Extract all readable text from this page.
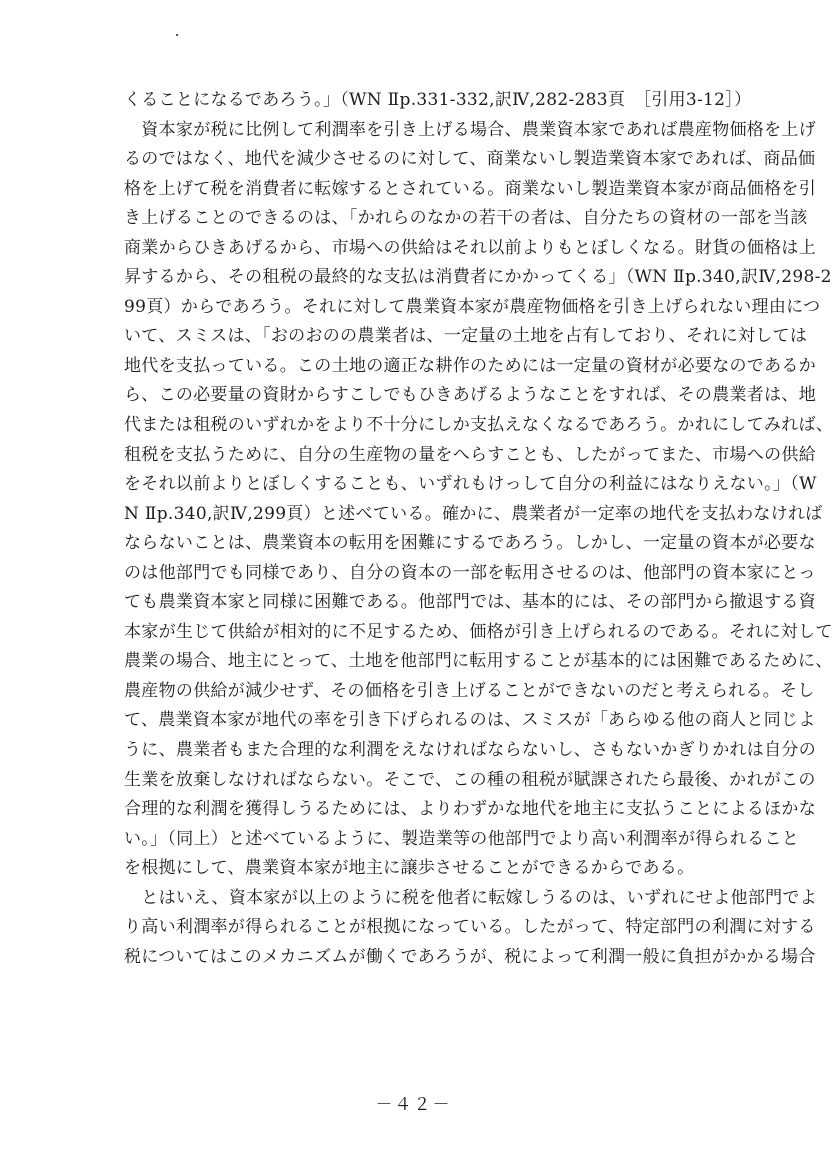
くることになるであろう。」（WN Ⅱp.331-332,訳Ⅳ,282-283頁　［引用3-12］）
　資本家が税に比例して利潤率を引き上げる場合、農業資本家であれば農産物価格を上げ
るのではなく、地代を減少させるのに対して、商業ないし製造業資本家であれば、商品価
格を上げて税を消費者に転嫁するとされている。商業ないし製造業資本家が商品価格を引
き上げることのできるのは、「かれらのなかの若干の者は、自分たちの資材の一部を当該
商業からひきあげるから、市場への供給はそれ以前よりもとぼしくなる。財貨の価格は上
昇するから、その租税の最終的な支払は消費者にかかってくる」（WN Ⅱp.340,訳Ⅳ,298-2
99頁）からであろう。それに対して農業資本家が農産物価格を引き上げられない理由につ
いて、スミスは、「おのおのの農業者は、一定量の土地を占有しており、それに対しては
地代を支払っている。この土地の適正な耕作のためには一定量の資材が必要なのであるか
ら、この必要量の資財からすこしでもひきあげるようなことをすれば、その農業者は、地
代または租税のいずれかをより不十分にしか支払えなくなるであろう。かれにしてみれば、
租税を支払うために、自分の生産物の量をへらすことも、したがってまた、市場への供給
をそれ以前よりとぼしくすることも、いずれもけっして自分の利益にはなりえない。」（W
N Ⅱp.340,訳Ⅳ,299頁）と述べている。確かに、農業者が一定率の地代を支払わなければ
ならないことは、農業資本の転用を困難にするであろう。しかし、一定量の資本が必要な
のは他部門でも同様であり、自分の資本の一部を転用させるのは、他部門の資本家にとっ
ても農業資本家と同様に困難である。他部門では、基本的には、その部門から撤退する資
本家が生じて供給が相対的に不足するため、価格が引き上げられるのである。それに対して
農業の場合、地主にとって、土地を他部門に転用することが基本的には困難であるために、
農産物の供給が減少せず、その価格を引き上げることができないのだと考えられる。そし
て、農業資本家が地代の率を引き下げられるのは、スミスが「あらゆる他の商人と同じよ
うに、農業者もまた合理的な利潤をえなければならないし、さもないかぎりかれは自分の
生業を放棄しなければならない。そこで、この種の租税が賦課されたら最後、かれがこの
合理的な利潤を獲得しうるためには、よりわずかな地代を地主に支払うことによるほかな
い。」（同上）と述べているように、製造業等の他部門でより高い利潤率が得られること
を根拠にして、農業資本家が地主に譲歩させることができるからである。
　とはいえ、資本家が以上のように税を他者に転嫁しうるのは、いずれにせよ他部門でよ
り高い利潤率が得られることが根拠になっている。したがって、特定部門の利潤に対する
税についてはこのメカニズムが働くであろうが、税によって利潤一般に負担がかかる場合
－４２－
